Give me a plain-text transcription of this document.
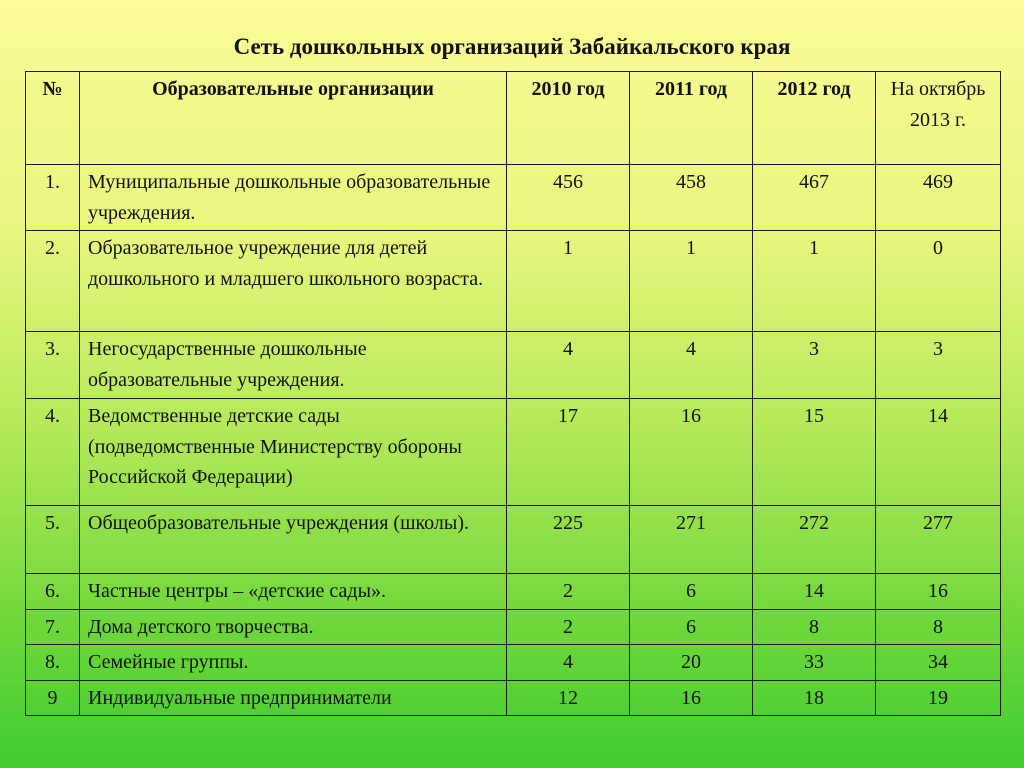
Сеть дошкольных организаций Забайкальского края
№	Образовательные организации	2010 год	2011 год	2012 год	На октябрь 2013 г.
1.	Муниципальные дошкольные образовательные учреждения.	456	458	467	469
2.	Образовательное учреждение для детей дошкольного и младшего школьного возраста.	1	1	1	0
3.	Негосударственные дошкольные образовательные учреждения.	4	4	3	3
4.	Ведомственные детские сады (подведомственные Министерству обороны Российской Федерации)	17	16	15	14
5.	Общеобразовательные учреждения (школы).	225	271	272	277
6.	Частные центры – «детские сады».	2	6	14	16
7.	Дома детского творчества.	2	6	8	8
8.	Семейные группы.	4	20	33	34
9	Индивидуальные предприниматели	12	16	18	19
